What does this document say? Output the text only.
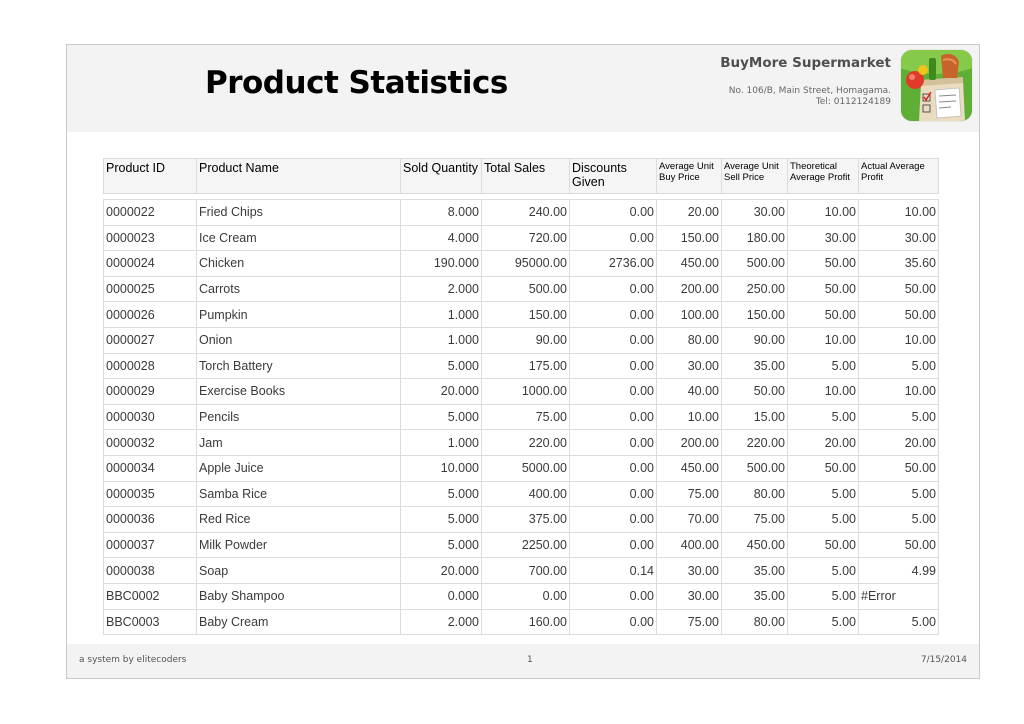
Product Statistics
BuyMore Supermarket
No. 106/B, Main Street, Homagama.
Tel: 0112124189
Product ID	Product Name	Sold Quantity	Total Sales	Discounts Given	Average Unit Buy Price	Average Unit Sell Price	Theoretical Average Profit	Actual Average Profit

0000022	Fried Chips	8.000	240.00	0.00	20.00	30.00	10.00	10.00
0000023	Ice Cream	4.000	720.00	0.00	150.00	180.00	30.00	30.00
0000024	Chicken	190.000	95000.00	2736.00	450.00	500.00	50.00	35.60
0000025	Carrots	2.000	500.00	0.00	200.00	250.00	50.00	50.00
0000026	Pumpkin	1.000	150.00	0.00	100.00	150.00	50.00	50.00
0000027	Onion	1.000	90.00	0.00	80.00	90.00	10.00	10.00
0000028	Torch Battery	5.000	175.00	0.00	30.00	35.00	5.00	5.00
0000029	Exercise Books	20.000	1000.00	0.00	40.00	50.00	10.00	10.00
0000030	Pencils	5.000	75.00	0.00	10.00	15.00	5.00	5.00
0000032	Jam	1.000	220.00	0.00	200.00	220.00	20.00	20.00
0000034	Apple Juice	10.000	5000.00	0.00	450.00	500.00	50.00	50.00
0000035	Samba Rice	5.000	400.00	0.00	75.00	80.00	5.00	5.00
0000036	Red Rice	5.000	375.00	0.00	70.00	75.00	5.00	5.00
0000037	Milk Powder	5.000	2250.00	0.00	400.00	450.00	50.00	50.00
0000038	Soap	20.000	700.00	0.14	30.00	35.00	5.00	4.99
BBC0002	Baby Shampoo	0.000	0.00	0.00	30.00	35.00	5.00	#Error
BBC0003	Baby Cream	2.000	160.00	0.00	75.00	80.00	5.00	5.00
a system by elitecoders	1	7/15/2014
